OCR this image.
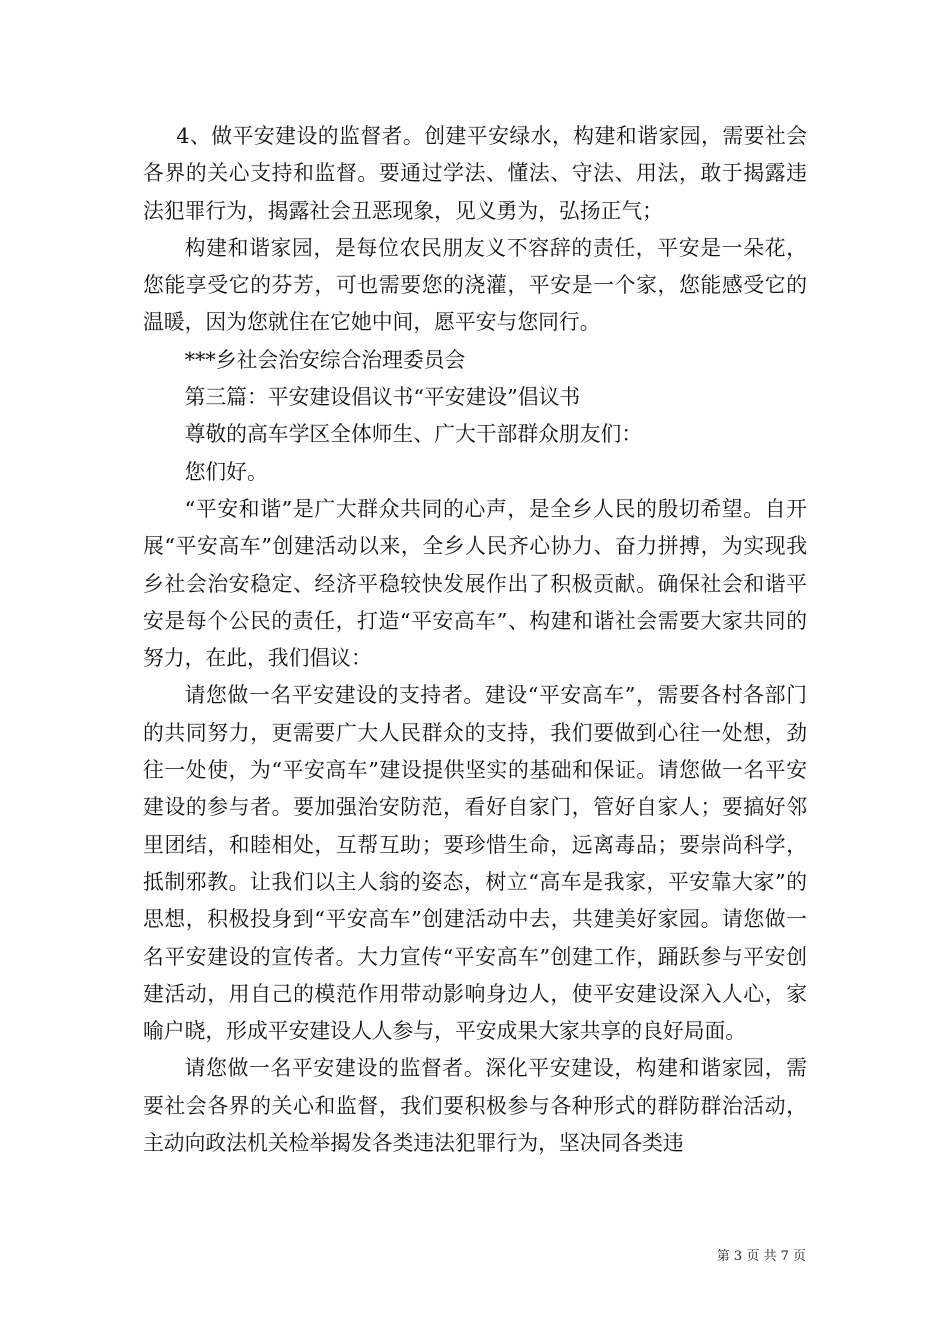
4、做平安建设的监督者。创建平安绿水，构建和谐家园，需要社会各界的关心支持和监督。要通过学法、懂法、守法、用法，敢于揭露违法犯罪行为，揭露社会丑恶现象，见义勇为，弘扬正气；

构建和谐家园，是每位农民朋友义不容辞的责任，平安是一朵花，您能享受它的芬芳，可也需要您的浇灌，平安是一个家，您能感受它的温暖，因为您就住在它她中间，愿平安与您同行。

***乡社会治安综合治理委员会

第三篇：平安建设倡议书“平安建设”倡议书

尊敬的高车学区全体师生、广大干部群众朋友们：

您们好。

“平安和谐”是广大群众共同的心声，是全乡人民的殷切希望。自开展“平安高车”创建活动以来，全乡人民齐心协力、奋力拼搏，为实现我乡社会治安稳定、经济平稳较快发展作出了积极贡献。确保社会和谐平安是每个公民的责任，打造“平安高车”、构建和谐社会需要大家共同的努力，在此，我们倡议：

请您做一名平安建设的支持者。建设“平安高车”，需要各村各部门的共同努力，更需要广大人民群众的支持，我们要做到心往一处想，劲往一处使，为“平安高车”建设提供坚实的基础和保证。请您做一名平安建设的参与者。要加强治安防范，看好自家门，管好自家人；要搞好邻里团结，和睦相处，互帮互助；要珍惜生命，远离毒品；要崇尚科学，抵制邪教。让我们以主人翁的姿态，树立“高车是我家，平安靠大家”的思想，积极投身到“平安高车”创建活动中去，共建美好家园。请您做一名平安建设的宣传者。大力宣传“平安高车”创建工作，踊跃参与平安创建活动，用自己的模范作用带动影响身边人，使平安建设深入人心，家喻户晓，形成平安建设人人参与，平安成果大家共享的良好局面。

请您做一名平安建设的监督者。深化平安建设，构建和谐家园，需要社会各界的关心和监督，我们要积极参与各种形式的群防群治活动，主动向政法机关检举揭发各类违法犯罪行为，坚决同各类违

第 3 页 共 7 页
